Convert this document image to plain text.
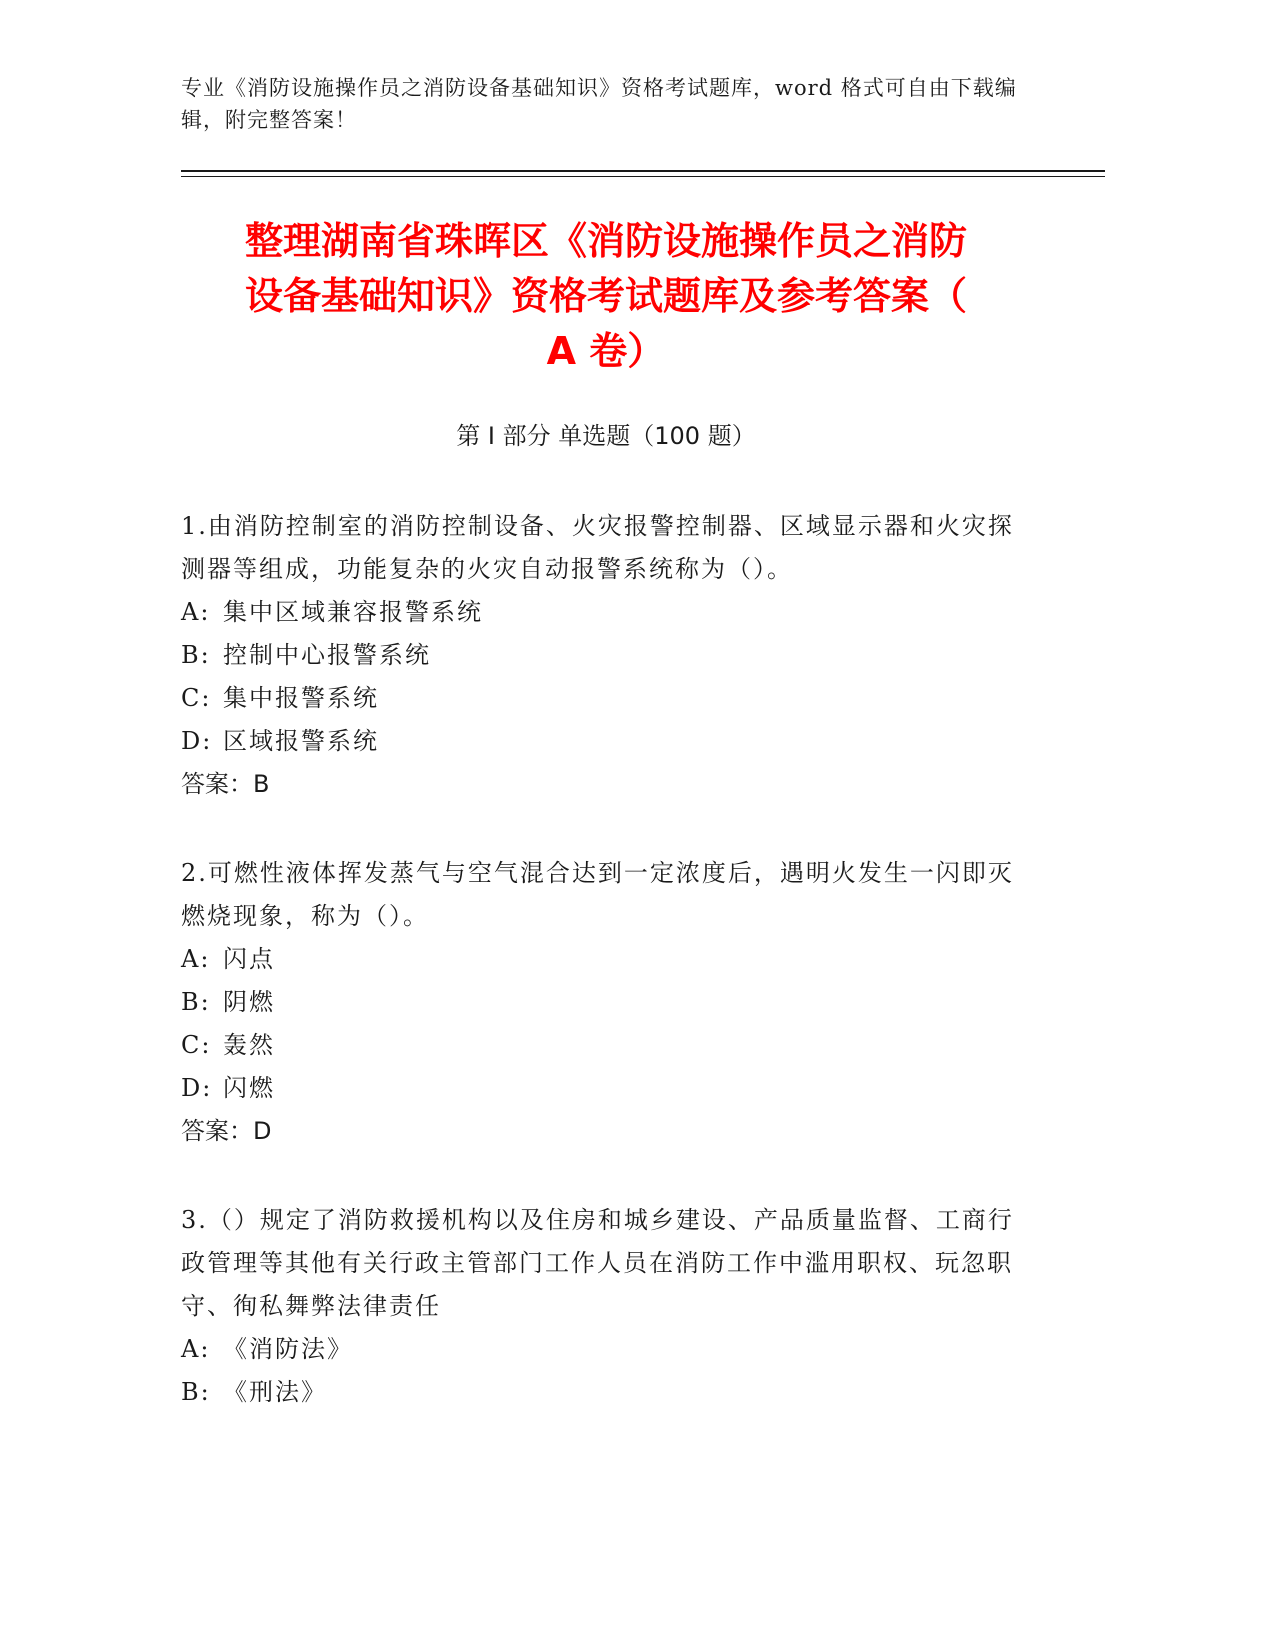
专业《消防设施操作员之消防设备基础知识》资格考试题库，word 格式可自由下载编辑，附完整答案！
整理湖南省珠晖区《消防设施操作员之消防
设备基础知识》资格考试题库及参考答案（
A 卷）
第 I 部分 单选题（100 题）

1.由消防控制室的消防控制设备、火灾报警控制器、区域显示器和火灾探测器等组成，功能复杂的火灾自动报警系统称为（）。

A: 集中区域兼容报警系统

B: 控制中心报警系统

C: 集中报警系统

D: 区域报警系统

答案：B

2.可燃性液体挥发蒸气与空气混合达到一定浓度后，遇明火发生一闪即灭燃烧现象，称为（）。

A: 闪点

B: 阴燃

C: 轰然

D: 闪燃

答案：D

3.（）规定了消防救援机构以及住房和城乡建设、产品质量监督、工商行政管理等其他有关行政主管部门工作人员在消防工作中滥用职权、玩忽职守、徇私舞弊法律责任

A: 《消防法》

B: 《刑法》
